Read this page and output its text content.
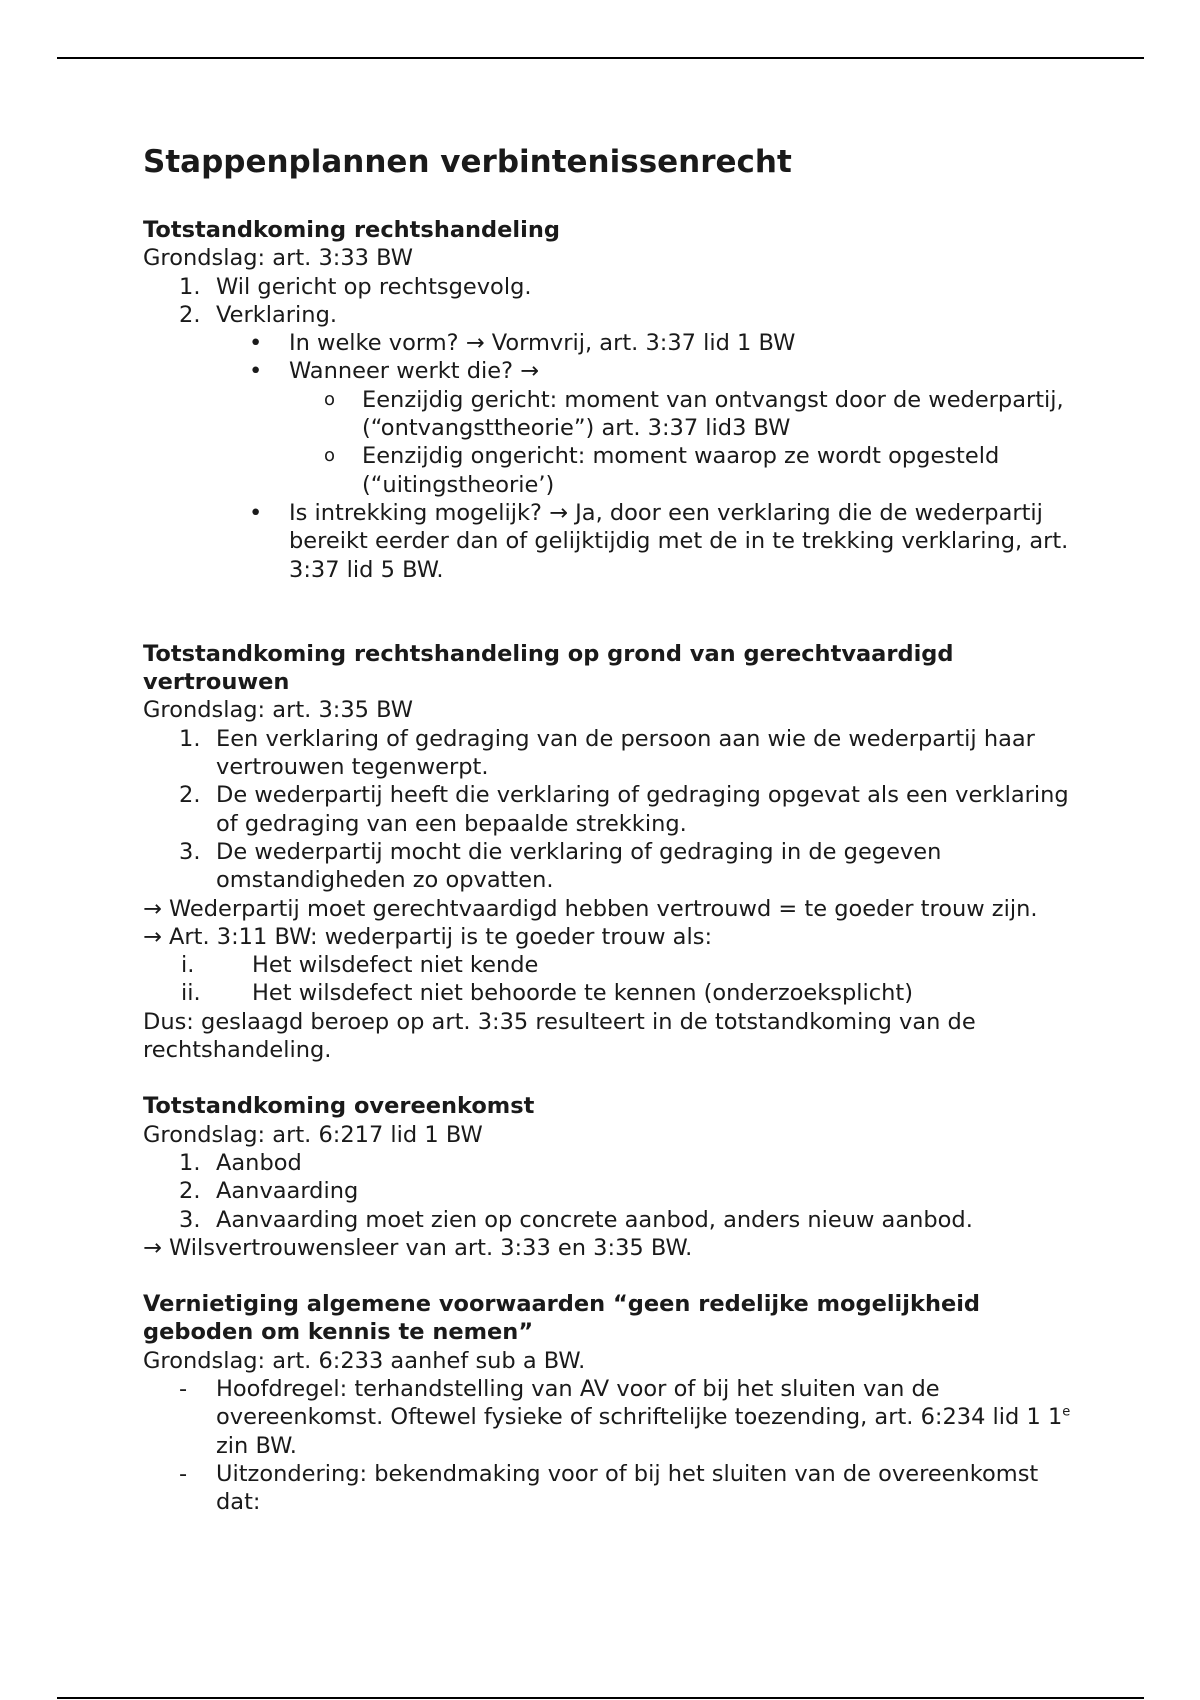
Stappenplannen verbintenissenrecht
Totstandkoming rechtshandeling

Grondslag: art. 3:33 BW

1. Wil gericht op rechtsgevolg.
2. Verklaring.
• In welke vorm? → Vormvrij, art. 3:37 lid 1 BW
• Wanneer werkt die? →
o Eenzijdig gericht: moment van ontvangst door de wederpartij, (“ontvangsttheorie”) art. 3:37 lid3 BW
o Eenzijdig ongericht: moment waarop ze wordt opgesteld (“uitingstheorie’)
• Is intrekking mogelijk? → Ja, door een verklaring die de wederpartij bereikt eerder dan of gelijktijdig met de in te trekking verklaring, art. 3:37 lid 5 BW.
Totstandkoming rechtshandeling op grond van gerechtvaardigd vertrouwen

Grondslag: art. 3:35 BW

1. Een verklaring of gedraging van de persoon aan wie de wederpartij haar vertrouwen tegenwerpt.
2. De wederpartij heeft die verklaring of gedraging opgevat als een verklaring of gedraging van een bepaalde strekking.
3. De wederpartij mocht die verklaring of gedraging in de gegeven omstandigheden zo opvatten.

→ Wederpartij moet gerechtvaardigd hebben vertrouwd = te goeder trouw zijn.

→ Art. 3:11 BW: wederpartij is te goeder trouw als:

i.	Het wilsdefect niet kende
ii. Het wilsdefect niet behoorde te kennen (onderzoeksplicht)

Dus: geslaagd beroep op art. 3:35 resulteert in de totstandkoming van de rechtshandeling.

Totstandkoming overeenkomst

Grondslag: art. 6:217 lid 1 BW

1. Aanbod
2. Aanvaarding
3. Aanvaarding moet zien op concrete aanbod, anders nieuw aanbod.

→ Wilsvertrouwensleer van art. 3:33 en 3:35 BW.

Vernietiging algemene voorwaarden “geen redelijke mogelijkheid geboden om kennis te nemen”

Grondslag: art. 6:233 aanhef sub a BW.

- Hoofdregel: terhandstelling van AV voor of bij het sluiten van de overeenkomst. Oftewel fysieke of schriftelijke toezending, art. 6:234 lid 1 1e zin BW.
- Uitzondering: bekendmaking voor of bij het sluiten van de overeenkomst dat:
